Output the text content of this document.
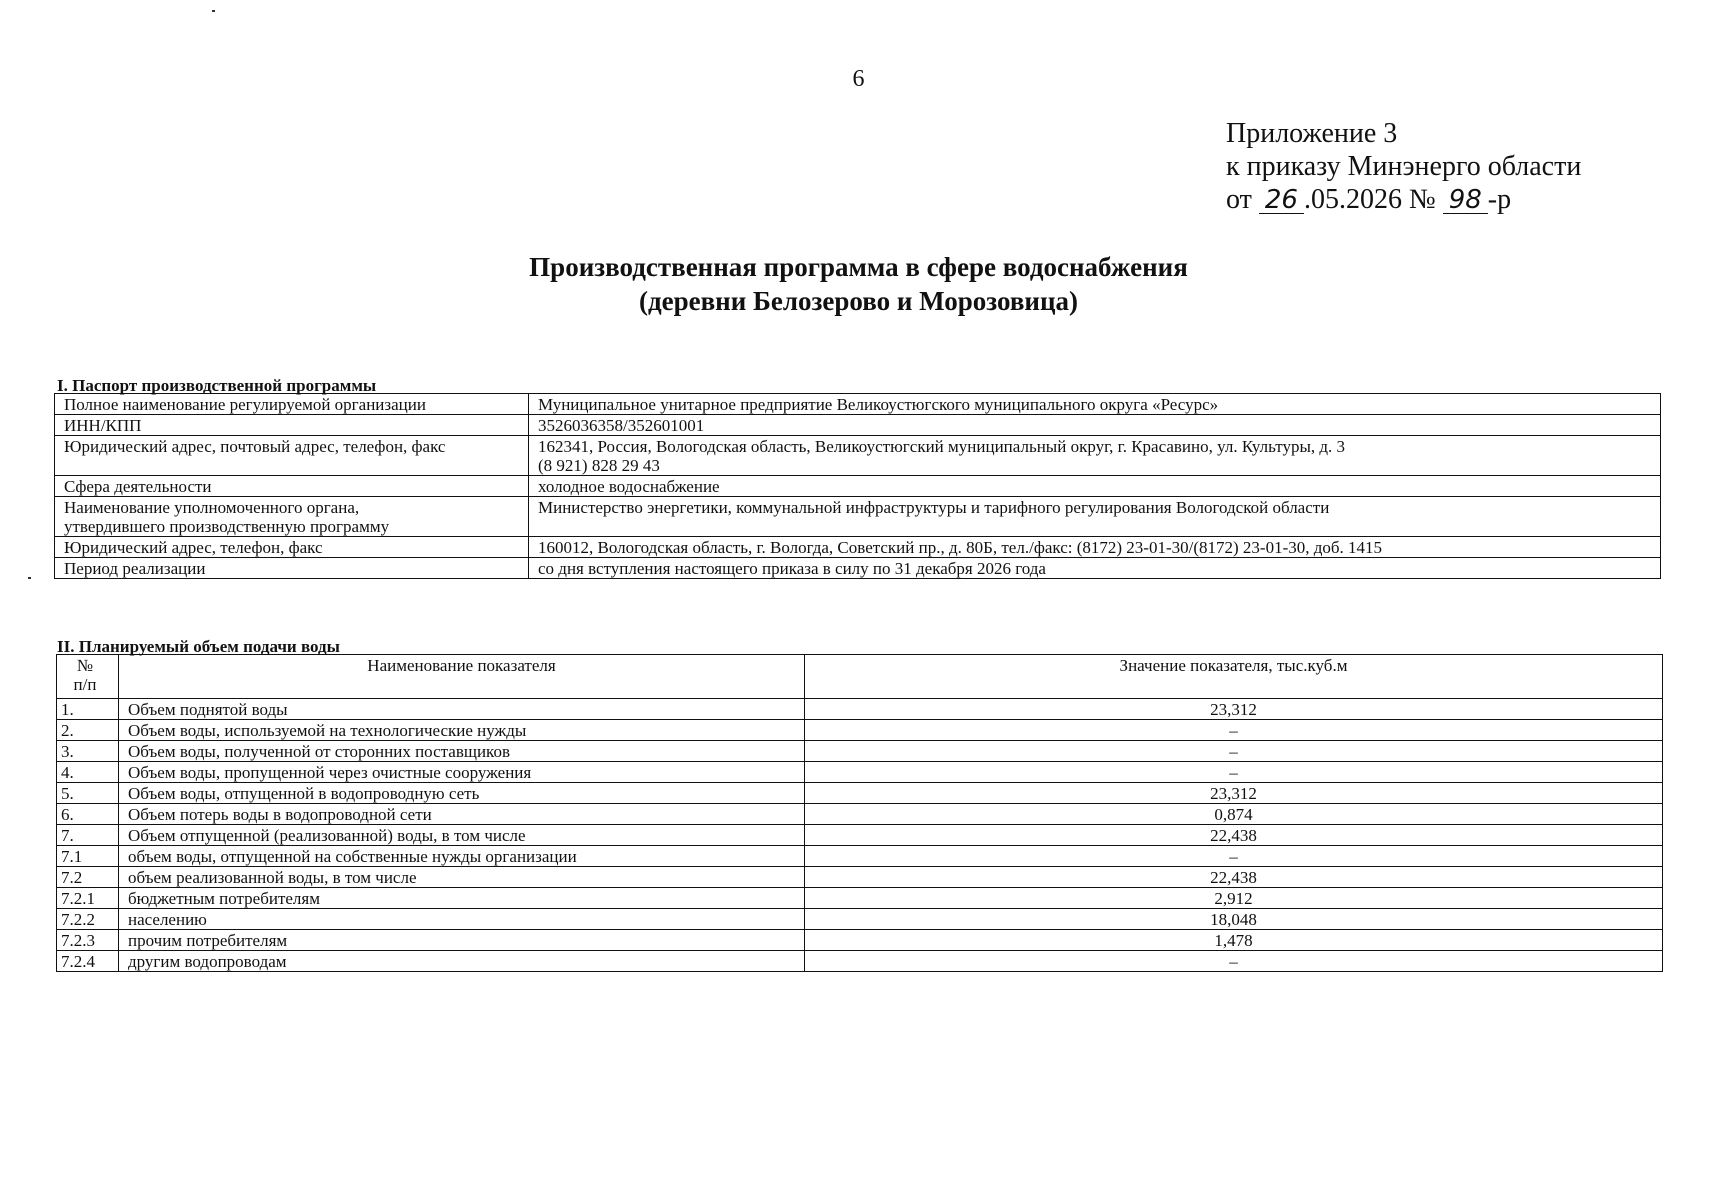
6
Приложение 3
к приказу Минэнерго области
от 26 .05.2026 № 98 -р
Производственная программа в сфере водоснабжения
(деревни Белозерово и Морозовица)
I. Паспорт производственной программы
Полное наименование регулируемой организации	Муниципальное унитарное предприятие Великоустюгского муниципального округа «Ресурс»
ИНН/КПП	3526036358/352601001
Юридический адрес, почтовый адрес, телефон, факс	162341, Россия, Вологодская область, Великоустюгский муниципальный округ, г. Красавино, ул. Культуры, д. 3
(8 921) 828 29 43

Сфера деятельности	холодное водоснабжение

Наименование уполномоченного органа,
утвердившего производственную программу	Министерство энергетики, коммунальной инфраструктуры и тарифного регулирования Вологодской области
Юридический адрес, телефон, факс	160012, Вологодская область, г. Вологда, Советский пр., д. 80Б, тел./факс: (8172) 23-01-30/(8172) 23-01-30, доб. 1415
Период реализации	со дня вступления настоящего приказа в силу по 31 декабря 2026 года
II. Планируемый объем подачи воды
№
п/п	Наименование показателя	Значение показателя, тыс.куб.м
1.	Объем поднятой воды	23,312
2.	Объем воды, используемой на технологические нужды	–
3.	Объем воды, полученной от сторонних поставщиков	–
4.	Объем воды, пропущенной через очистные сооружения	–
5.	Объем воды, отпущенной в водопроводную сеть	23,312
6.	Объем потерь воды в водопроводной сети	0,874
7.	Объем отпущенной (реализованной) воды, в том числе	22,438
7.1	объем воды, отпущенной на собственные нужды организации	–
7.2	объем реализованной воды, в том числе	22,438
7.2.1	бюджетным потребителям	2,912
7.2.2	населению	18,048
7.2.3	прочим потребителям	1,478
7.2.4	другим водопроводам	–
